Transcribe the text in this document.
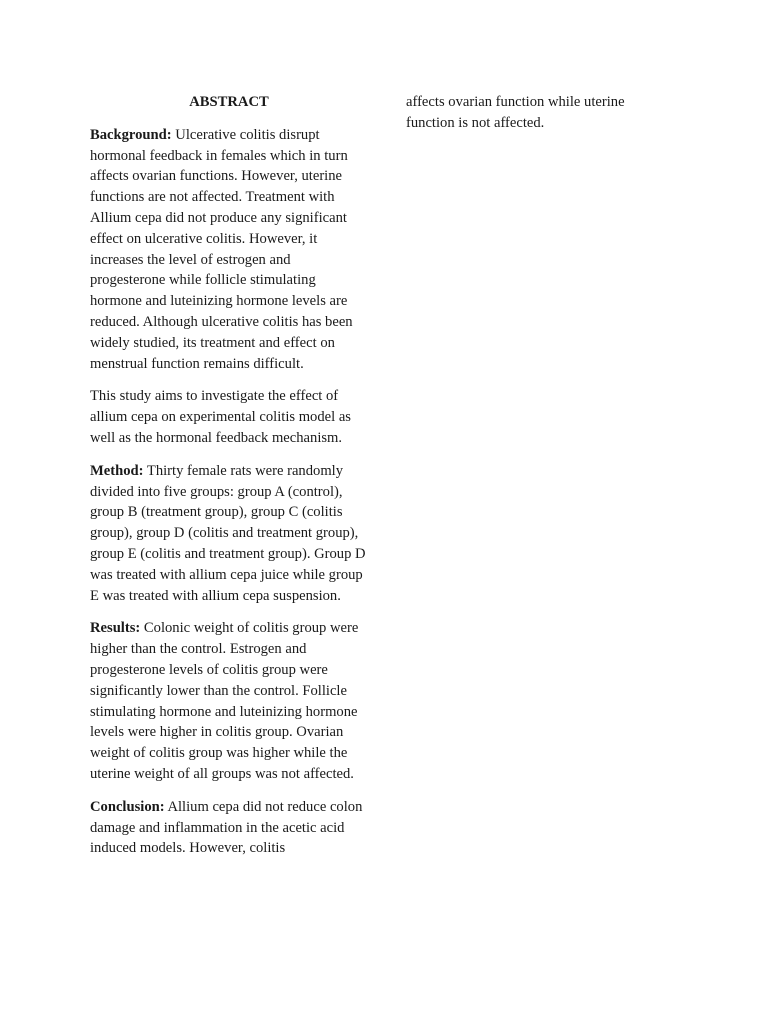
ABSTRACT

Background: Ulcerative colitis disrupt hormonal feedback in females which in turn affects ovarian functions. However, uterine functions are not affected. Treatment with Allium cepa did not produce any significant effect on ulcerative colitis. However, it increases the level of estrogen and progesterone while follicle stimulating hormone and luteinizing hormone levels are reduced. Although ulcerative colitis has been widely studied, its treatment and effect on menstrual function remains difficult.

This study aims to investigate the effect of allium cepa on experimental colitis model as well as the hormonal feedback mechanism.

Method: Thirty female rats were randomly divided into five groups: group A (control), group B (treatment group), group C (colitis group), group D (colitis and treatment group), group E (colitis and treatment group). Group D was treated with allium cepa juice while group E was treated with allium cepa suspension.

Results: Colonic weight of colitis group were higher than the control. Estrogen and progesterone levels of colitis group were significantly lower than the control. Follicle stimulating hormone and luteinizing hormone levels were higher in colitis group. Ovarian weight of colitis group was higher while the uterine weight of all groups was not affected.

Conclusion: Allium cepa did not reduce colon damage and inflammation in the acetic acid induced models. However, colitis

affects ovarian function while uterine function is not affected.
